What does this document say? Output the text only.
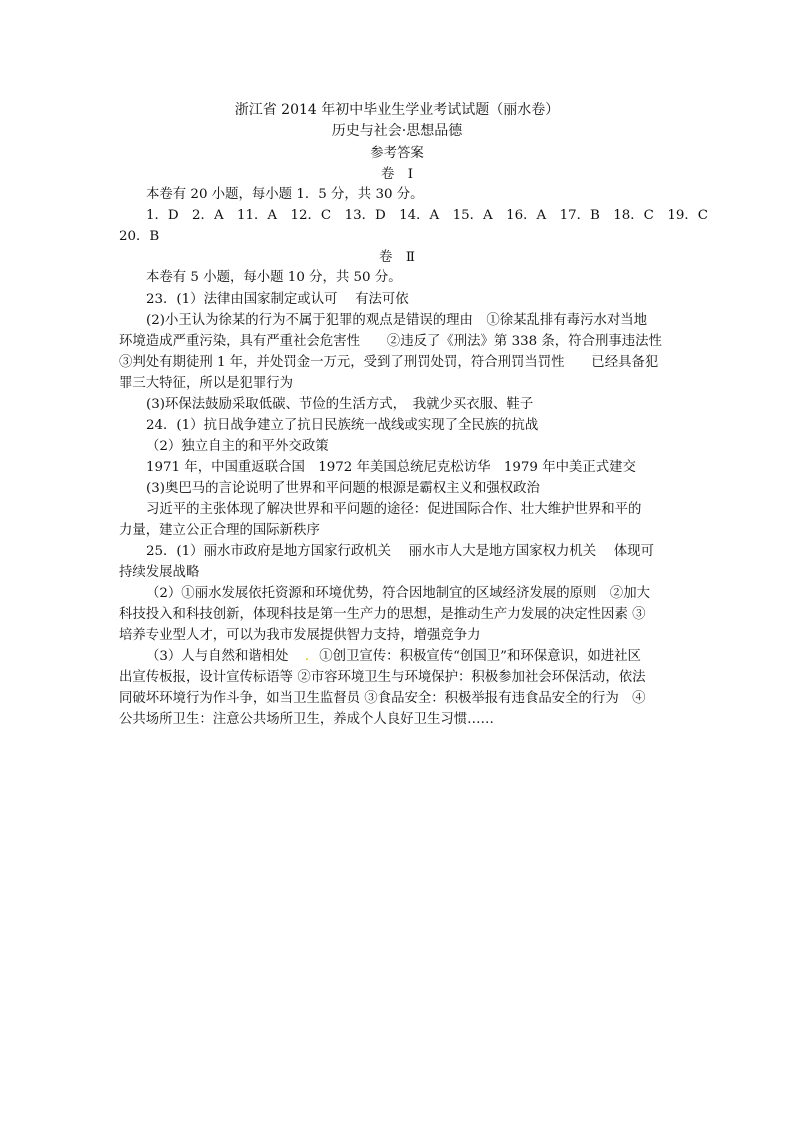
浙江省 2014 年初中毕业生学业考试试题（丽水卷）
历史与社会·思想品德
参考答案
卷　Ⅰ
本卷有 20 小题，每小题 1．5 分，共 30 分。
1．D　2．A　11．A　12．C　13．D　14．A　15．A　16．A　17．B　18．C　19．C
20．B
卷　Ⅱ
本卷有 5 小题，每小题 10 分，共 50 分。
23．(1）法律由国家制定或认可　 有法可依
(2)小王认为徐某的行为不属于犯罪的观点是错误的理由　①徐某乱排有毒污水对当地
环境造成严重污染，具有严重社会危害性　　②违反了《刑法》第 338 条，符合刑事违法性
③判处有期徒刑 1 年，并处罚金一万元，受到了刑罚处罚，符合刑罚当罚性　　已经具备犯
罪三大特征，所以是犯罪行为
(3)环保法鼓励采取低碳、节俭的生活方式，　我就少买衣服、鞋子
24．(1）抗日战争建立了抗日民族统一战线或实现了全民族的抗战
（2）独立自主的和平外交政策
1971 年，中国重返联合国　1972 年美国总统尼克松访华　1979 年中美正式建交
(3)奥巴马的言论说明了世界和平问题的根源是霸权主义和强权政治
习近平的主张体现了解决世界和平问题的途径：促进国际合作、壮大维护世界和平的
力量，建立公正合理的国际新秩序
25．(1）丽水市政府是地方国家行政机关　 丽水市人大是地方国家权力机关　 体现可
持续发展战略
（2）①丽水发展依托资源和环境优势，符合因地制宜的区域经济发展的原则　②加大
科技投入和科技创新，体现科技是第一生产力的思想，是推动生产力发展的决定性因素 ③
培养专业型人才，可以为我市发展提供智力支持，增强竞争力
（3）人与自然和谐相处 . ①创卫宣传：积极宣传“创国卫”和环保意识，如进社区
出宣传板报，设计宣传标语等 ②市容环境卫生与环境保护：积极参加社会环保活动，依法
同破坏环境行为作斗争，如当卫生监督员 ③食品安全：积极举报有违食品安全的行为　④
公共场所卫生：注意公共场所卫生，养成个人良好卫生习惯……
